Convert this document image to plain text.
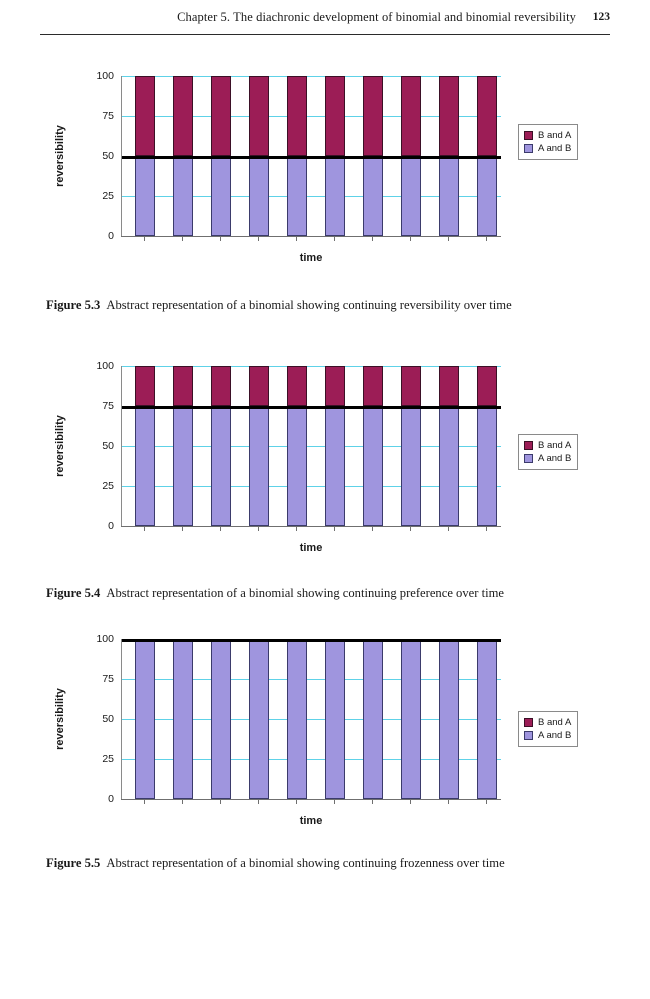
Chapter 5. The diachronic development of binomial and binomial reversibility 123
reversibility
100
75
50
25
0
time
B and A
A and B
Figure 5.3 Abstract representation of a binomial showing continuing reversibility over time
reversibility
100
75
50
25
0
time
B and A
A and B
Figure 5.4 Abstract representation of a binomial showing continuing preference over time
reversibility
100
75
50
25
0
time
B and A
A and B
Figure 5.5 Abstract representation of a binomial showing continuing frozenness over time
